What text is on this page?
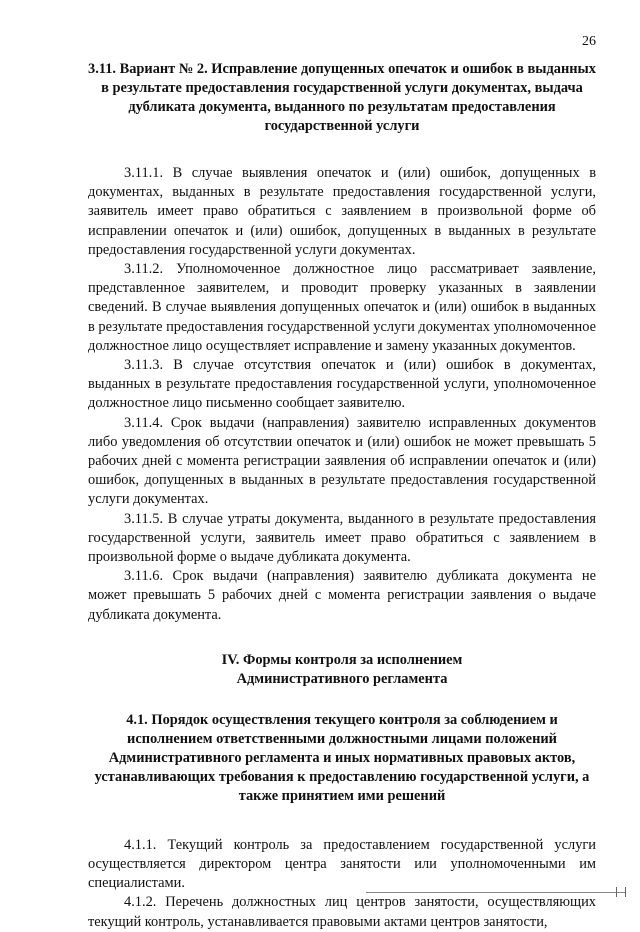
26

3.11. Вариант № 2. Исправление допущенных опечаток и ошибок в выданных в результате предоставления государственной услуги документах, выдача дубликата документа, выданного по результатам предоставления государственной услуги

3.11.1. В случае выявления опечаток и (или) ошибок, допущенных в документах, выданных в результате предоставления государственной услуги, заявитель имеет право обратиться с заявлением в произвольной форме об исправлении опечаток и (или) ошибок, допущенных в выданных в результате предоставления государственной услуги документах.

3.11.2. Уполномоченное должностное лицо рассматривает заявление, представленное заявителем, и проводит проверку указанных в заявлении сведений. В случае выявления допущенных опечаток и (или) ошибок в выданных в результате предоставления государственной услуги документах уполномоченное должностное лицо осуществляет исправление и замену указанных документов.

3.11.3. В случае отсутствия опечаток и (или) ошибок в документах, выданных в результате предоставления государственной услуги, уполномоченное должностное лицо письменно сообщает заявителю.

3.11.4. Срок выдачи (направления) заявителю исправленных документов либо уведомления об отсутствии опечаток и (или) ошибок не может превышать 5 рабочих дней с момента регистрации заявления об исправлении опечаток и (или) ошибок, допущенных в выданных в результате предоставления государственной услуги документах.

3.11.5. В случае утраты документа, выданного в результате предоставления государственной услуги, заявитель имеет право обратиться с заявлением в произвольной форме о выдаче дубликата документа.

3.11.6. Срок выдачи (направления) заявителю дубликата документа не может превышать 5 рабочих дней с момента регистрации заявления о выдаче дубликата документа.

IV. Формы контроля за исполнением

Административного регламента

4.1. Порядок осуществления текущего контроля за соблюдением и исполнением ответственными должностными лицами положений Административного регламента и иных нормативных правовых актов, устанавливающих требования к предоставлению государственной услуги, а также принятием ими решений

4.1.1. Текущий контроль за предоставлением государственной услуги осуществляется директором центра занятости или уполномоченными им специалистами.

4.1.2. Перечень должностных лиц центров занятости, осуществляющих текущий контроль, устанавливается правовыми актами центров занятости,
